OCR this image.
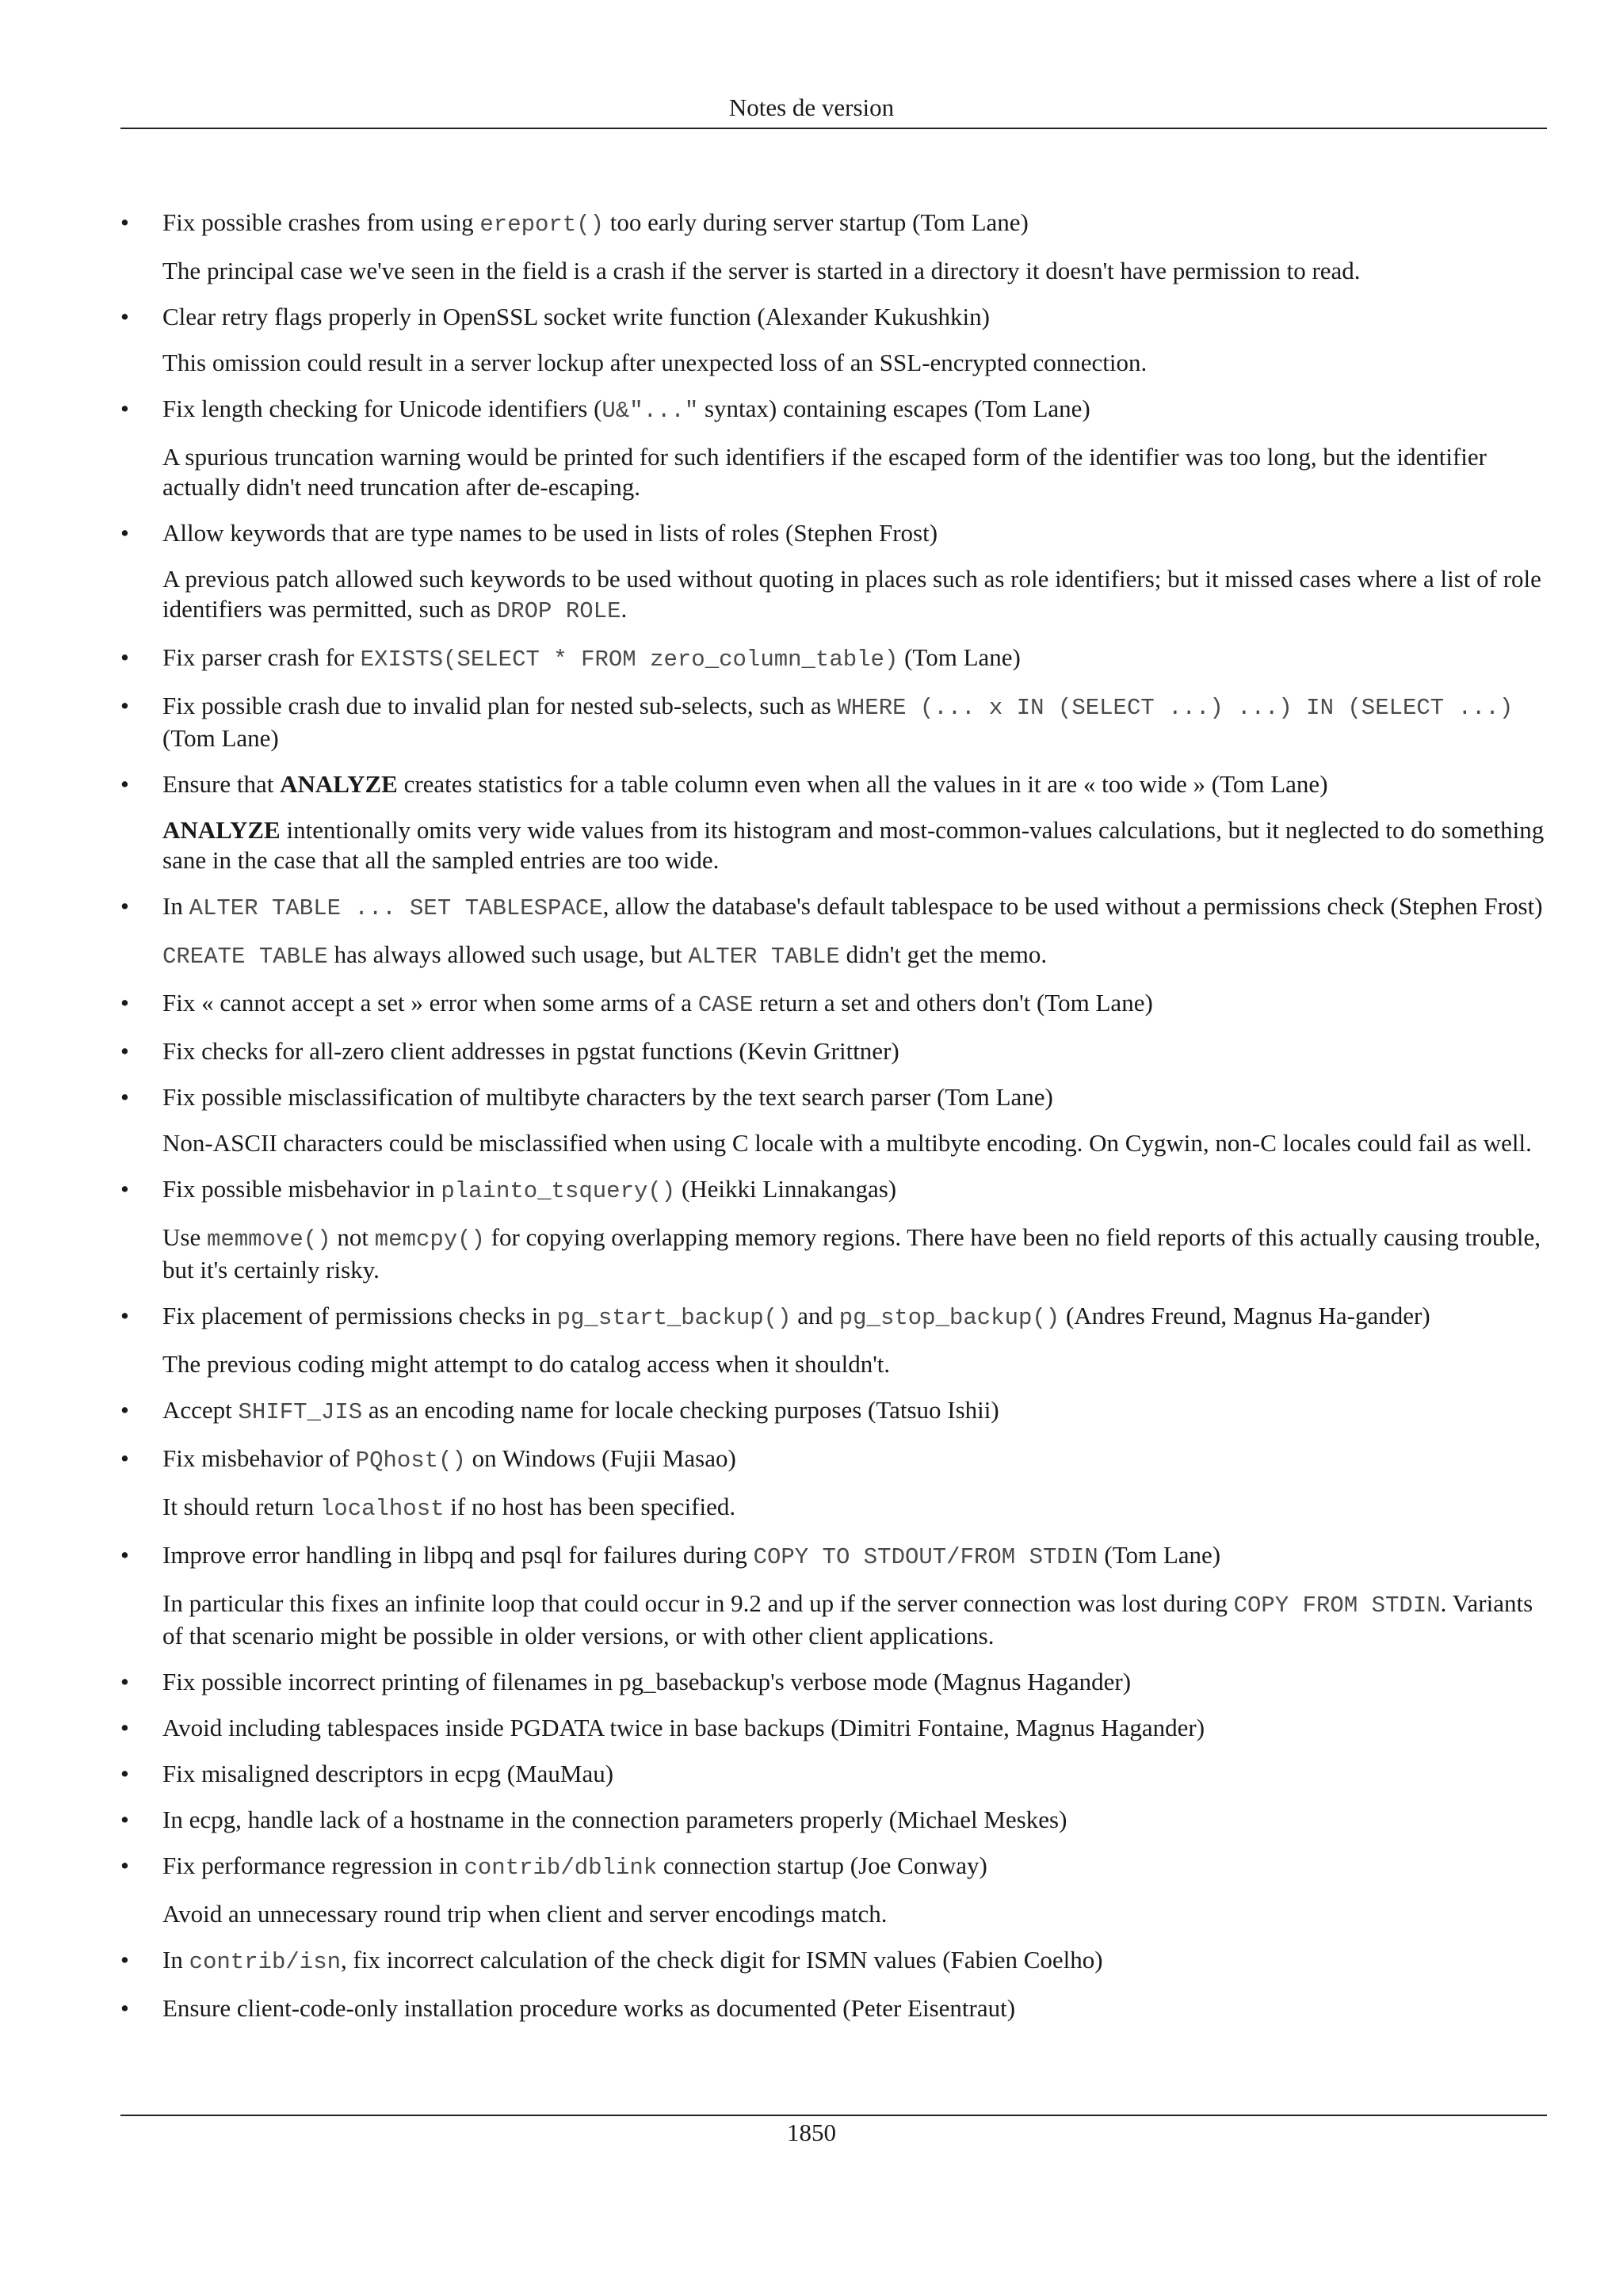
Notes de version
•	Fix possible crashes from using ereport() too early during server startup (Tom Lane)
The principal case we've seen in the field is a crash if the server is started in a directory it doesn't have permission to read.
•	Clear retry flags properly in OpenSSL socket write function (Alexander Kukushkin)
This omission could result in a server lockup after unexpected loss of an SSL-encrypted connection.
•	Fix length checking for Unicode identifiers (U&"..." syntax) containing escapes (Tom Lane)
A spurious truncation warning would be printed for such identifiers if the escaped form of the identifier was too long, but the identifier actually didn't need truncation after de-escaping.
•	Allow keywords that are type names to be used in lists of roles (Stephen Frost)
A previous patch allowed such keywords to be used without quoting in places such as role identifiers; but it missed cases where a list of role identifiers was permitted, such as DROP ROLE.
•	Fix parser crash for EXISTS(SELECT * FROM zero_column_table) (Tom Lane)
•	Fix possible crash due to invalid plan for nested sub-selects, such as WHERE (... x IN (SELECT ...) ...) IN (SELECT ...) (Tom Lane)
•	Ensure that ANALYZE creates statistics for a table column even when all the values in it are « too wide » (Tom Lane)
ANALYZE intentionally omits very wide values from its histogram and most-common-values calculations, but it neglected to do something sane in the case that all the sampled entries are too wide.
•	In ALTER TABLE ... SET TABLESPACE, allow the database's default tablespace to be used without a permissions check (Stephen Frost)
CREATE TABLE has always allowed such usage, but ALTER TABLE didn't get the memo.
•	Fix « cannot accept a set » error when some arms of a CASE return a set and others don't (Tom Lane)
•	Fix checks for all-zero client addresses in pgstat functions (Kevin Grittner)
•	Fix possible misclassification of multibyte characters by the text search parser (Tom Lane)
Non-ASCII characters could be misclassified when using C locale with a multibyte encoding. On Cygwin, non-C locales could fail as well.
•	Fix possible misbehavior in plainto_tsquery() (Heikki Linnakangas)
Use memmove() not memcpy() for copying overlapping memory regions. There have been no field reports of this actually causing trouble, but it's certainly risky.
•	Fix placement of permissions checks in pg_start_backup() and pg_stop_backup() (Andres Freund, Magnus Ha-gander)
The previous coding might attempt to do catalog access when it shouldn't.
•	Accept SHIFT_JIS as an encoding name for locale checking purposes (Tatsuo Ishii)
•	Fix misbehavior of PQhost() on Windows (Fujii Masao)
It should return localhost if no host has been specified.
•	Improve error handling in libpq and psql for failures during COPY TO STDOUT/FROM STDIN (Tom Lane)
In particular this fixes an infinite loop that could occur in 9.2 and up if the server connection was lost during COPY FROM STDIN. Variants of that scenario might be possible in older versions, or with other client applications.
•	Fix possible incorrect printing of filenames in pg_basebackup's verbose mode (Magnus Hagander)
•	Avoid including tablespaces inside PGDATA twice in base backups (Dimitri Fontaine, Magnus Hagander)
•	Fix misaligned descriptors in ecpg (MauMau)
•	In ecpg, handle lack of a hostname in the connection parameters properly (Michael Meskes)
•	Fix performance regression in contrib/dblink connection startup (Joe Conway)
Avoid an unnecessary round trip when client and server encodings match.
•	In contrib/isn, fix incorrect calculation of the check digit for ISMN values (Fabien Coelho)
•	Ensure client-code-only installation procedure works as documented (Peter Eisentraut)
1850
